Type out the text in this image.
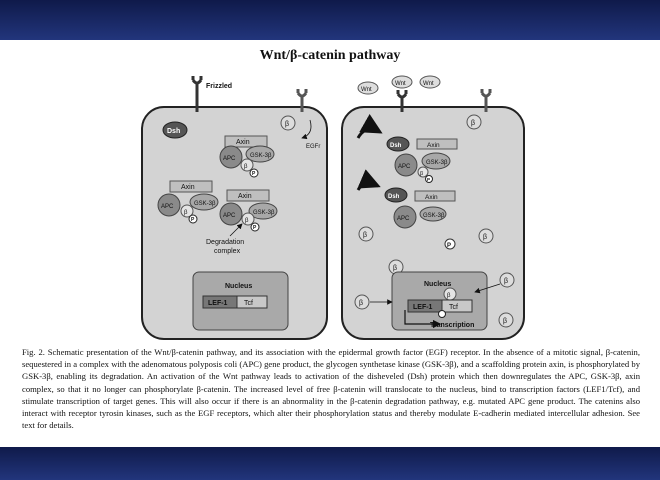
Wnt/β-catenin pathway
Frizzled
EGFr
β
Dsh
Axin
APC GSK-3β
β
P
Axin
APC	GSK-3β
β
P
Axin
APC	GSK-3β
β
P
Degradation
complex
Nucleus
LEF-1 Tcf
Wnt
Wnt	Wnt
β
Dsh	Axin
APC
GSK-3β
β
P
Dsh	Axin
APC GSK-3β
β
β
P
β
β
β
β
Nucleus
β
LEF-1 Tcf
Transcription

Fig. 2. Schematic presentation of the Wnt/β-catenin pathway, and its association with the epidermal growth factor (EGF) receptor. In the absence of a mitotic signal, β-catenin, sequestered in a complex with the adenomatous polyposis coli (APC) gene product, the glycogen synthetase kinase (GSK-3β), and a scaffolding protein axin, is phosphorylated by GSK-3β, enabling its degradation. An activation of the Wnt pathway leads to activation of the disheveled (Dsh) protein which then downregulates the APC, GSK-3β, axin complex, so that it no longer can phosphorylate β-catenin. The increased level of free β-catenin will translocate to the nucleus, bind to transcription factors (LEF1/Tcf), and stimulate transcription of target genes. This will also occur if there is an abnormality in the β-catenin degradation pathway, e.g. mutated APC gene product. The catenins also interact with receptor tyrosin kinases, such as the EGF receptors, which alter their phosphorylation status and thereby modulate E-cadherin mediated intercellular adhesion. See text for details.
